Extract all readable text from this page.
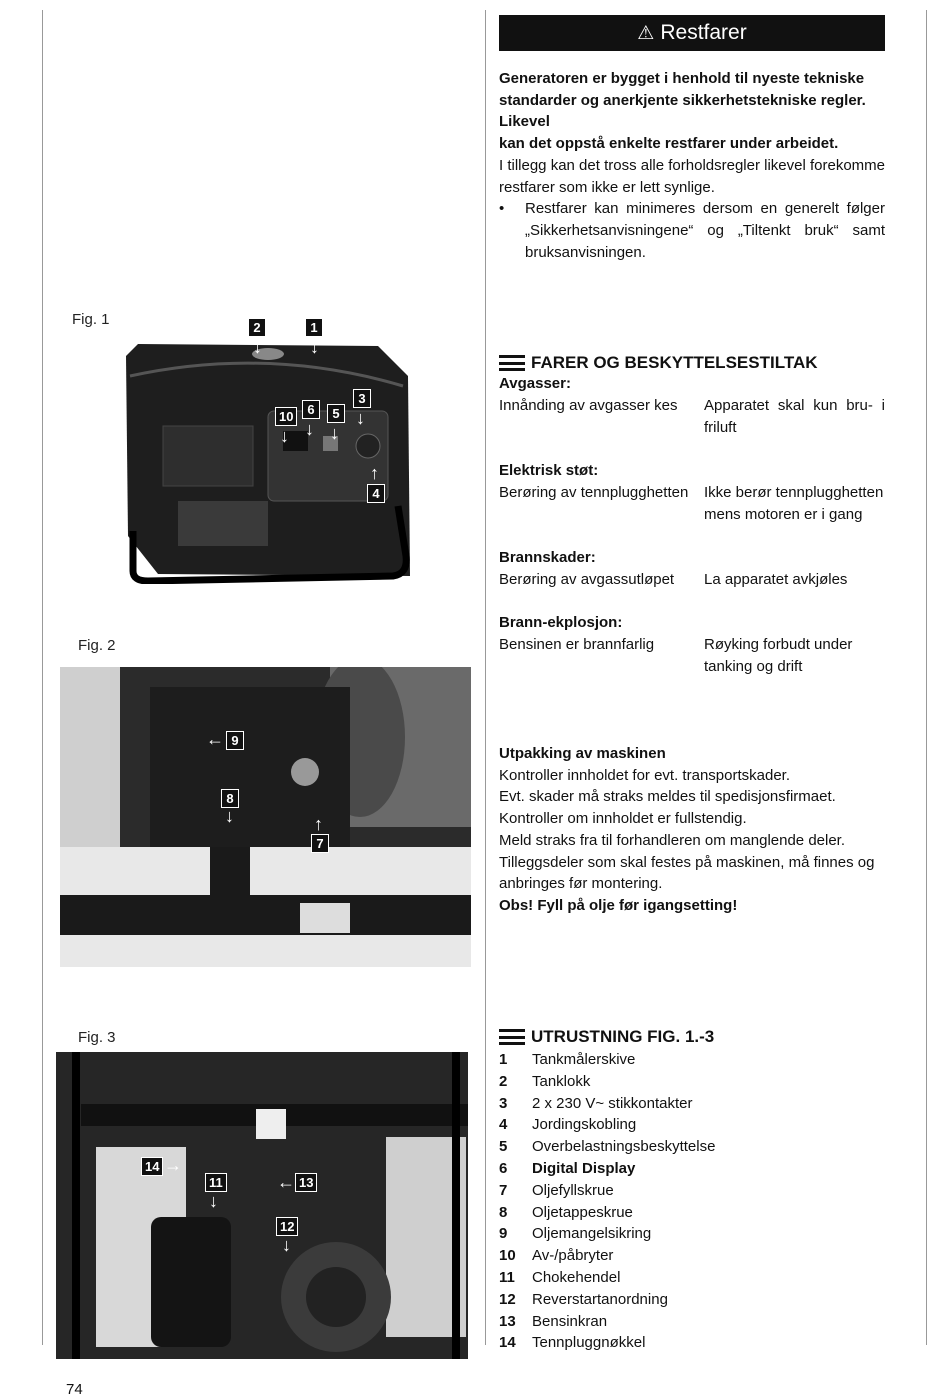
Fig. 1	2	1
↓	↓
10	6	5
3
4
↓ ↓ ↓
↓
↑
Fig. 2
9
←
8
↓
7
↑
Fig. 3
14 →
11
↓
13
←
12
↓
⚠ Restfarer
Generatoren er bygget i henhold til nyeste tekniske standarder og anerkjente sikkerhetstekniske regler. Likevel
kan det oppstå enkelte restfarer under arbeidet.
I tillegg kan det tross alle forholdsregler likevel forekomme restfarer som ikke er lett synlige.
•	Restfarer kan minimeres dersom en generelt følger „Sikkerhetsanvisningene“ og „Tiltenkt bruk“ samt bruksanvisningen.
FARER OG BESKYTTELSESTILTAK
Avgasser:
Innånding av avgasser kes	Apparatet skal kun bru- i friluft
Elektrisk støt:
Berøring av tennplugghetten	Ikke berør tennplugghetten mens motoren er i gang
Brannskader:
Berøring av avgassutløpet	La apparatet avkjøles
Brann-ekplosjon:
Bensinen er brannfarlig	Røyking forbudt under tanking og drift
Utpakking av maskinen
Kontroller innholdet for evt. transportskader.
Evt. skader må straks meldes til spedisjonsfirmaet. Kontroller om innholdet er fullstendig.
Meld straks fra til forhandleren om manglende deler.
Tilleggsdeler som skal festes på maskinen, må finnes og anbringes før montering.
Obs! Fyll på olje før igangsetting!
UTRUSTNING FIG. 1.-3
1	Tankmålerskive
2	Tanklokk
3	2 x 230 V~ stikkontakter
4	Jordingskobling
5	Overbelastningsbeskyttelse
6	Digital Display
7	Oljefyllskrue
8	Oljetappeskrue
9	Oljemangelsikring
10	Av-/påbryter
11	Chokehendel
12	Reverstartanordning
13	Bensinkran
14	Tennpluggnøkkel
74
